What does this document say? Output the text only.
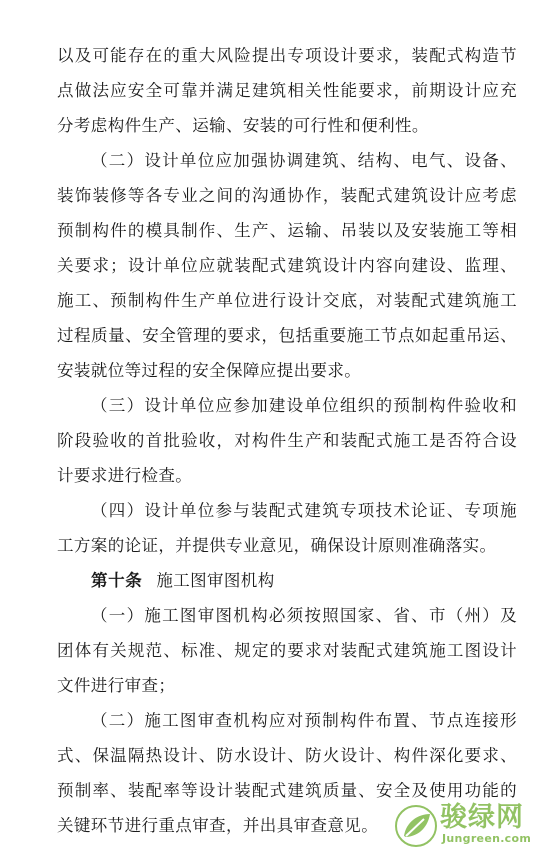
以及可能存在的重大风险提出专项设计要求，装配式构造节
点做法应安全可靠并满足建筑相关性能要求，前期设计应充
分考虑构件生产、运输、安装的可行性和便利性。
（二）设计单位应加强协调建筑、结构、电气、设备、
装饰装修等各专业之间的沟通协作，装配式建筑设计应考虑
预制构件的模具制作、生产、运输、吊装以及安装施工等相
关要求；设计单位应就装配式建筑设计内容向建设、监理、
施工、预制构件生产单位进行设计交底，对装配式建筑施工
过程质量、安全管理的要求，包括重要施工节点如起重吊运、
安装就位等过程的安全保障应提出要求。
（三）设计单位应参加建设单位组织的预制构件验收和
阶段验收的首批验收，对构件生产和装配式施工是否符合设
计要求进行检查。
（四）设计单位参与装配式建筑专项技术论证、专项施
工方案的论证，并提供专业意见，确保设计原则准确落实。
第十条 施工图审图机构
（一）施工图审图机构必须按照国家、省、市（州）及
团体有关规范、标准、规定的要求对装配式建筑施工图设计
文件进行审查；
（二）施工图审查机构应对预制构件布置、节点连接形
式、保温隔热设计、防水设计、防火设计、构件深化要求、
预制率、装配率等设计装配式建筑质量、安全及使用功能的
关键环节进行重点审查，并出具审查意见。	骏绿网
Jungreen.com
